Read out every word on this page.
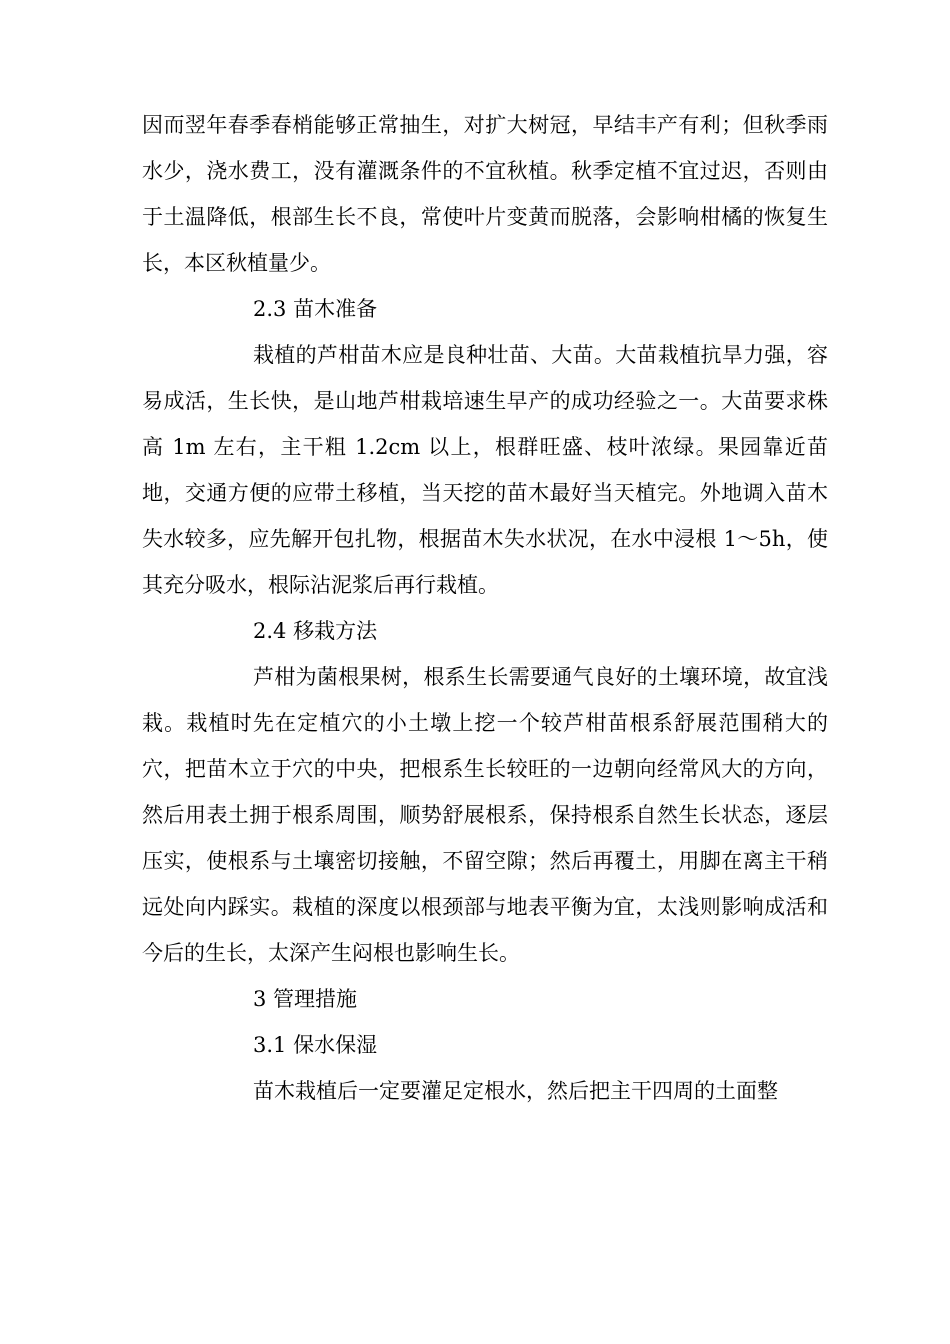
因而翌年春季春梢能够正常抽生，对扩大树冠，早结丰产有利；但秋季雨水少，浇水费工，没有灌溉条件的不宜秋植。秋季定植不宜过迟，否则由于土温降低，根部生长不良，常使叶片变黄而脱落，会影响柑橘的恢复生长，本区秋植量少。

2.3 苗木准备

栽植的芦柑苗木应是良种壮苗、大苗。大苗栽植抗旱力强，容易成活，生长快，是山地芦柑栽培速生早产的成功经验之一。大苗要求株高 1m 左右，主干粗 1.2cm 以上，根群旺盛、枝叶浓绿。果园靠近苗地，交通方便的应带土移植，当天挖的苗木最好当天植完。外地调入苗木失水较多，应先解开包扎物，根据苗木失水状况，在水中浸根 1～5h，使其充分吸水，根际沾泥浆后再行栽植。

2.4 移栽方法

芦柑为菌根果树，根系生长需要通气良好的土壤环境，故宜浅栽。栽植时先在定植穴的小土墩上挖一个较芦柑苗根系舒展范围稍大的穴，把苗木立于穴的中央，把根系生长较旺的一边朝向经常风大的方向，然后用表土拥于根系周围，顺势舒展根系，保持根系自然生长状态，逐层压实，使根系与土壤密切接触，不留空隙；然后再覆土，用脚在离主干稍远处向内踩实。栽植的深度以根颈部与地表平衡为宜，太浅则影响成活和今后的生长，太深产生闷根也影响生长。

3 管理措施

3.1 保水保湿

苗木栽植后一定要灌足定根水，然后把主干四周的土面整
